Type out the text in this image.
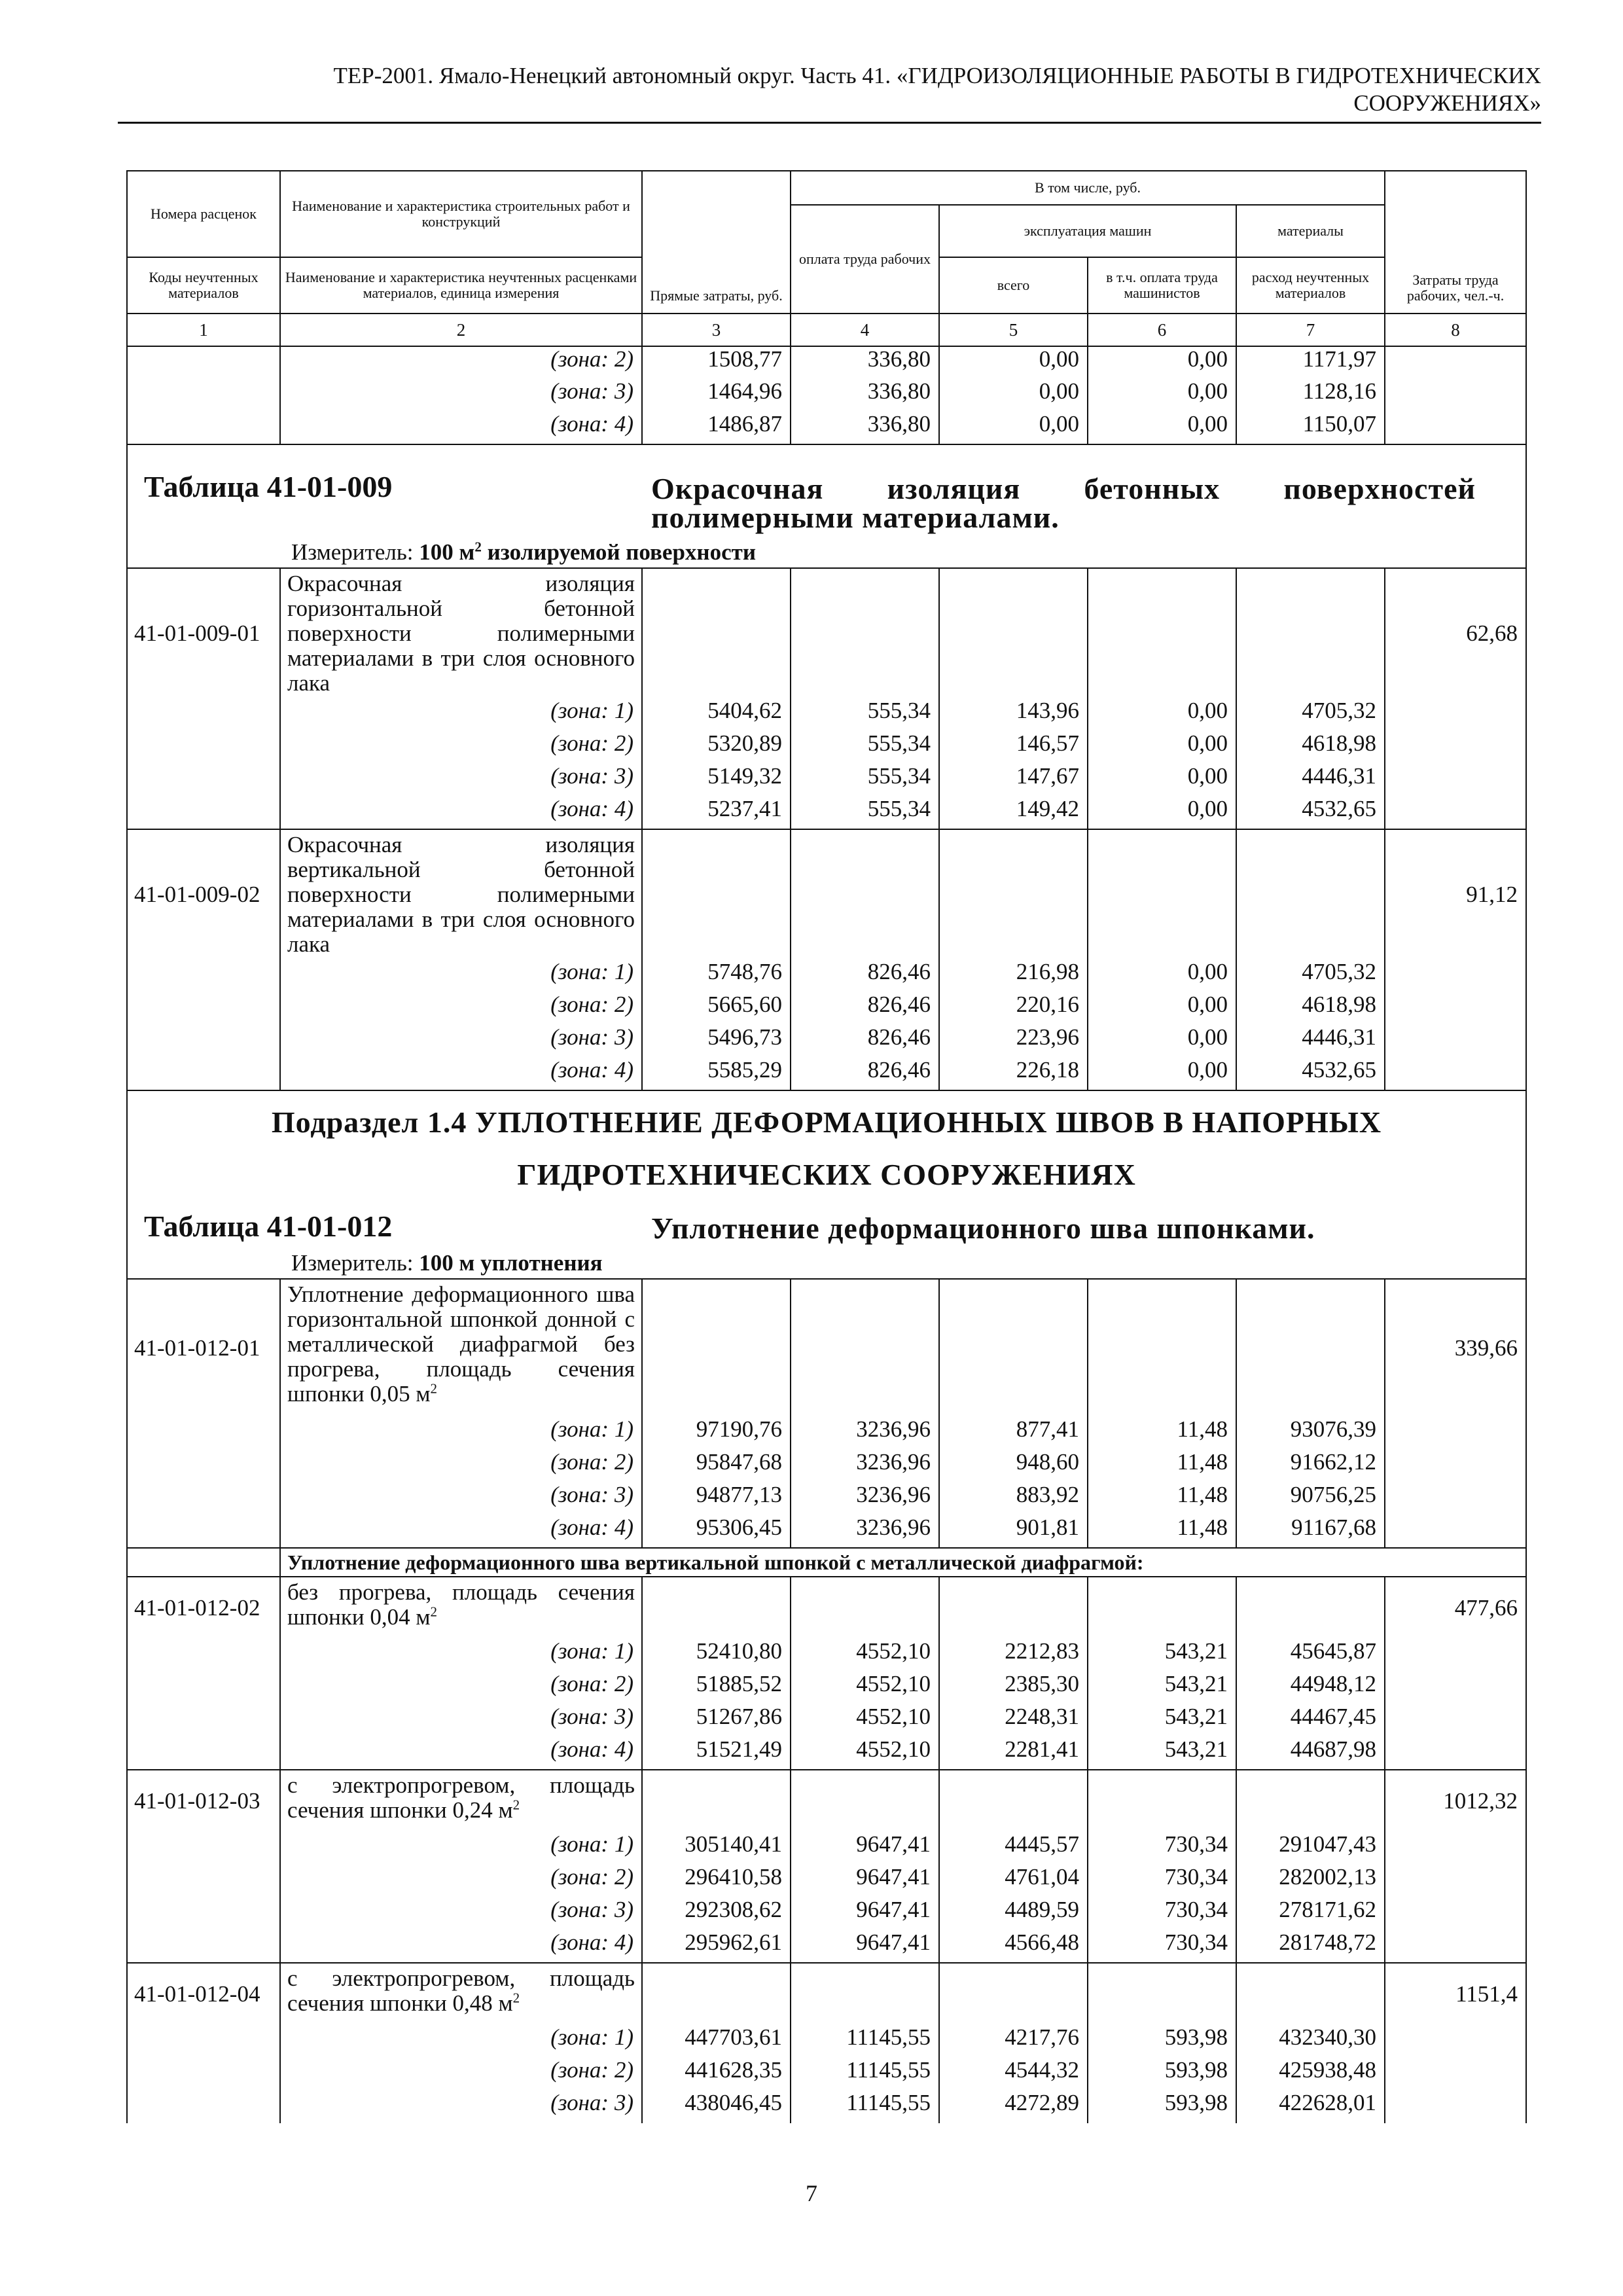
ТЕР-2001. Ямало-Ненецкий автономный округ. Часть 41. «ГИДРОИЗОЛЯЦИОННЫЕ РАБОТЫ В ГИДРОТЕХНИЧЕСКИХ
СООРУЖЕНИЯХ»
Номера расценок	Наименование и характеристика строительных работ и конструкций	Прямые затраты, руб.	В том числе, руб.				Затраты труда рабочих, чел.-ч.
			оплата труда рабочих	эксплуатация машин		материалы	
Коды неучтенных материалов	Наименование и характеристика неучтенных расценками материалов, единица измерения			всего	в т.ч. оплата труда машинистов	расход неучтенных материалов	
1	2	3	4	5	6	7	8
	(зона: 2)	1508,77	336,80	0,00	0,00	1171,97	
	(зона: 3)	1464,96	336,80	0,00	0,00	1128,16	
	(зона: 4)	1486,87	336,80	0,00	0,00	1150,07	

Таблица 41-01-009 Окрасочная изоляция бетонных поверхностей полимерными материалами.
Измеритель: 100 $м^2$ изолируемой поверхности							

41-01-009-01	Окрасочная изоляция горизонтальной бетонной поверхности полимерными материалами в три слоя основного лака						62,68
	(зона: 1)	5404,62	555,34	143,96	0,00	4705,32	
	(зона: 2)	5320,89	555,34	146,57	0,00	4618,98	
	(зона: 3)	5149,32	555,34	147,67	0,00	4446,31	
	(зона: 4)	5237,41	555,34	149,42	0,00	4532,65	
41-01-009-02	Окрасочная изоляция вертикальной бетонной поверхности полимерными материалами в три слоя основного лака						91,12
	(зона: 1)	5748,76	826,46	216,98	0,00	4705,32	
	(зона: 2)	5665,60	826,46	220,16	0,00	4618,98	
	(зона: 3)	5496,73	826,46	223,96	0,00	4446,31	
	(зона: 4)	5585,29	826,46	226,18	0,00	4532,65	

Подраздел 1.4 УПЛОТНЕНИЕ ДЕФОРМАЦИОННЫХ ШВОВ В НАПОРНЫХ
ГИДРОТЕХНИЧЕСКИХ СООРУЖЕНИЯХ							

Таблица 41-01-012 Уплотнение деформационного шва шпонками.
Измеритель: 100 м уплотнения							

41-01-012-01	Уплотнение деформационного шва горизонтальной шпонкой донной с металлической диафрагмой без прогрева, площадь сечения шпонки 0,05 $м^2$						339,66
	(зона: 1)	97190,76	3236,96	877,41	11,48	93076,39	
	(зона: 2)	95847,68	3236,96	948,60	11,48	91662,12	
	(зона: 3)	94877,13	3236,96	883,92	11,48	90756,25	
	(зона: 4)	95306,45	3236,96	901,81	11,48	91167,68	
	Уплотнение деформационного шва вертикальной шпонкой с металлической диафрагмой:						
41-01-012-02	без прогрева, площадь сечения шпонки 0,04 $м^2$						477,66
	(зона: 1)	52410,80	4552,10	2212,83	543,21	45645,87	
	(зона: 2)	51885,52	4552,10	2385,30	543,21	44948,12	
	(зона: 3)	51267,86	4552,10	2248,31	543,21	44467,45	
	(зона: 4)	51521,49	4552,10	2281,41	543,21	44687,98	
41-01-012-03	с электропрогревом, площадь сечения шпонки 0,24 $м^2$						1012,32
	(зона: 1)	305140,41	9647,41	4445,57	730,34	291047,43	
	(зона: 2)	296410,58	9647,41	4761,04	730,34	282002,13	
	(зона: 3)	292308,62	9647,41	4489,59	730,34	278171,62	
	(зона: 4)	295962,61	9647,41	4566,48	730,34	281748,72	
41-01-012-04	с электропрогревом, площадь сечения шпонки 0,48 $м^2$						1151,4
	(зона: 1)	447703,61	11145,55	4217,76	593,98	432340,30	
	(зона: 2)	441628,35	11145,55	4544,32	593,98	425938,48	
	(зона: 3)	438046,45	11145,55	4272,89	593,98	422628,01	
7
